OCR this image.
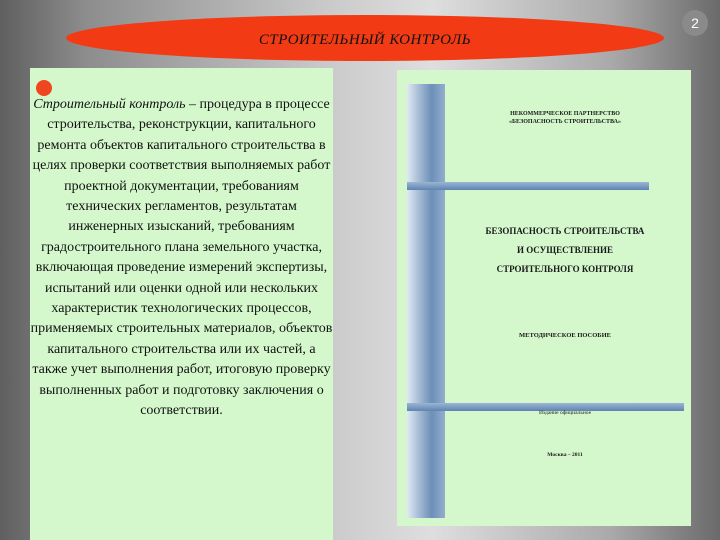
2
СТРОИТЕЛЬНЫЙ КОНТРОЛЬ
Строительный контроль – процедура в процессе строительства, реконструкции, капитального ремонта объектов капитального строительства в целях проверки соответствия выполняемых работ проектной документации, требованиям технических регламентов, результатам инженерных изысканий, требованиям градостроительного плана земельного участка, включающая проведение измерений экспертизы, испытаний или оценки одной или нескольких характеристик технологических процессов, применяемых строительных материалов, объектов капитального строительства или их частей, а также учет выполнения работ, итоговую проверку выполненных работ и подготовку заключения о соответствии.
НЕКОММЕРЧЕСКОЕ ПАРТНЕРСТВО
«БЕЗОПАСНОСТЬ СТРОИТЕЛЬСТВА»
БЕЗОПАСНОСТЬ СТРОИТЕЛЬСТВА
И ОСУЩЕСТВЛЕНИЕ
СТРОИТЕЛЬНОГО КОНТРОЛЯ
МЕТОДИЧЕСКОЕ ПОСОБИЕ
Издание официальное
Москва – 2011
